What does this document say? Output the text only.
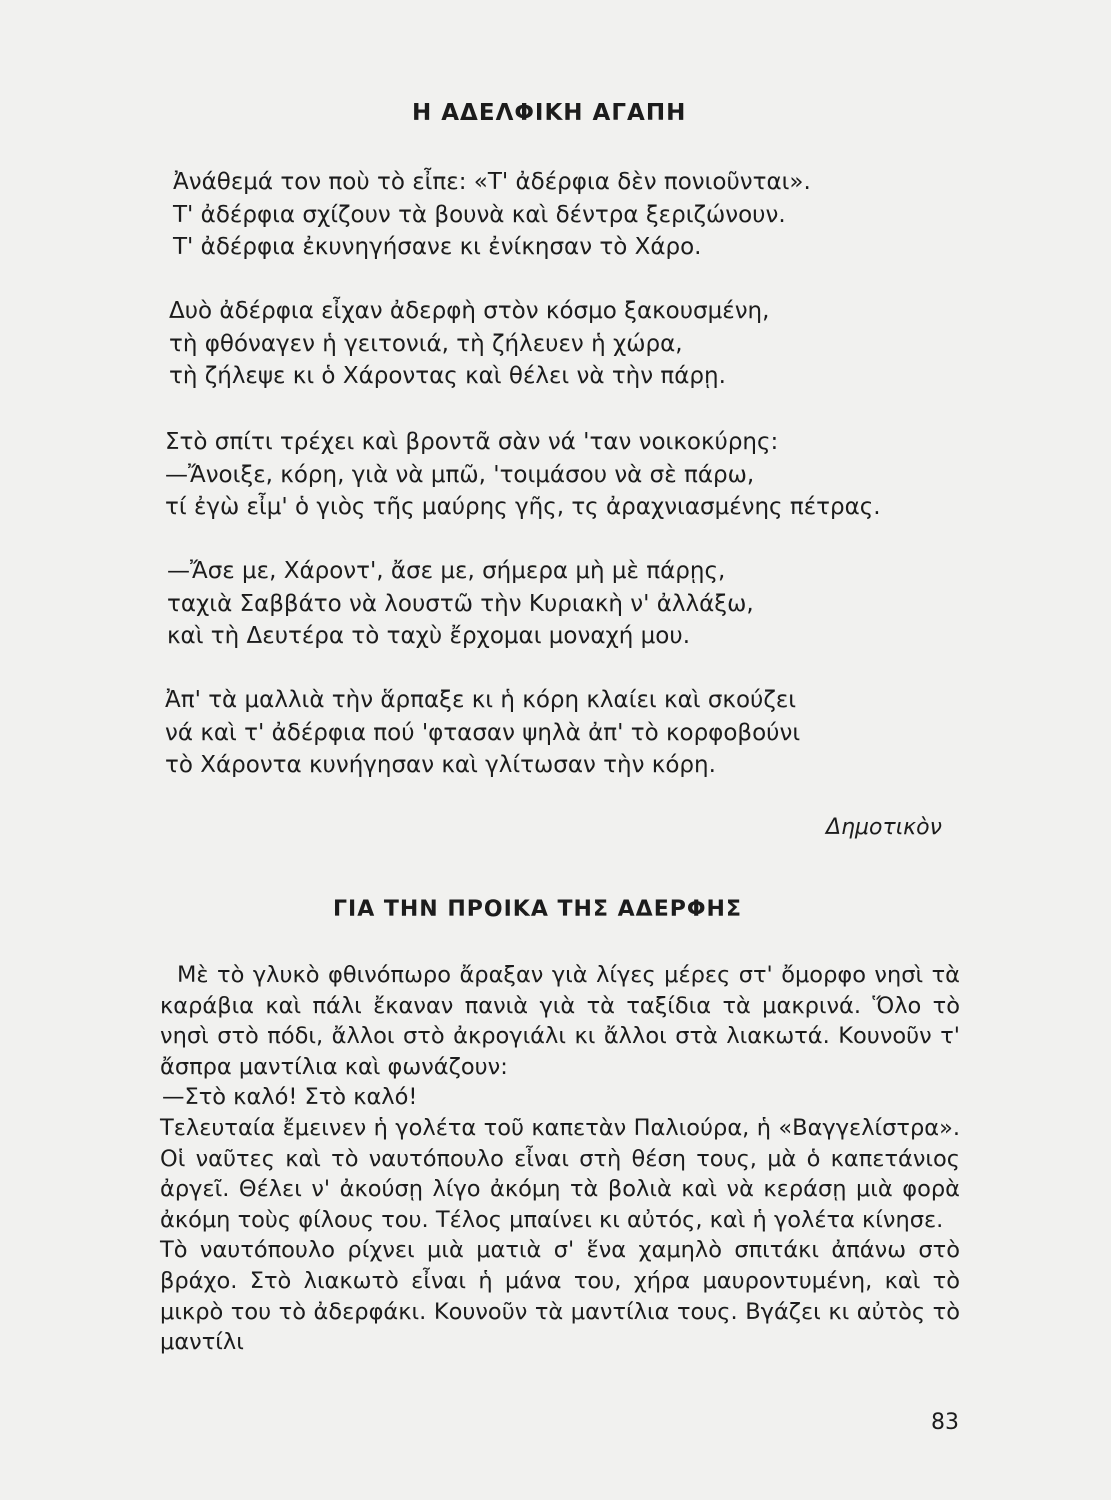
Η ΑΔΕΛΦΙΚΗ ΑΓΑΠΗ
Ἀνάθεμά τον ποὺ τὸ εἶπε: «Τ' ἀδέρφια δὲν πονιοῦνται».
Τ' ἀδέρφια σχίζουν τὰ βουνὰ καὶ δέντρα ξεριζώνουν.
Τ' ἀδέρφια ἐκυνηγήσανε κι ἐνίκησαν τὸ Χάρο.
Δυὸ ἀδέρφια εἶχαν ἀδερφὴ στὸν κόσμο ξακουσμένη,
τὴ φθόναγεν ἡ γειτονιά, τὴ ζήλευεν ἡ χώρα,
τὴ ζήλεψε κι ὁ Χάροντας καὶ θέλει νὰ τὴν πάρῃ.
Στὸ σπίτι τρέχει καὶ βροντᾶ σὰν νά 'ταν νοικοκύρης:
—Ἄνοιξε, κόρη, γιὰ νὰ μπῶ, 'τοιμάσου νὰ σὲ πάρω,
τί ἐγὼ εἶμ' ὁ γιὸς τῆς μαύρης γῆς, τς ἀραχνιασμένης πέτρας.
—Ἄσε με, Χάροντ', ἄσε με, σήμερα μὴ μὲ πάρῃς,
ταχιὰ Σαββάτο νὰ λουστῶ τὴν Κυριακὴ ν' ἀλλάξω,
καὶ τὴ Δευτέρα τὸ ταχὺ ἔρχομαι μοναχή μου.
Ἀπ' τὰ μαλλιὰ τὴν ἅρπαξε κι ἡ κόρη κλαίει καὶ σκούζει
νά καὶ τ' ἀδέρφια πού 'φτασαν ψηλὰ ἀπ' τὸ κορφοβούνι
τὸ Χάροντα κυνήγησαν καὶ γλίτωσαν τὴν κόρη.
Δημοτικὸν
ΓΙΑ ΤΗΝ ΠΡΟΙΚΑ ΤΗΣ ΑΔΕΡΦΗΣ

Μὲ τὸ γλυκὸ φθινόπωρο ἄραξαν γιὰ λίγες μέρες στ' ὄμορφο νησὶ τὰ καράβια καὶ πάλι ἔκαναν πανιὰ γιὰ τὰ ταξίδια τὰ μακρινά. Ὅλο τὸ νησὶ στὸ πόδι, ἄλλοι στὸ ἀκρογιάλι κι ἄλλοι στὰ λιακωτά. Κουνοῦν τ' ἄσπρα μαντίλια καὶ φωνάζουν:

—Στὸ καλό! Στὸ καλό!

Τελευταία ἔμεινεν ἡ γολέτα τοῦ καπετὰν Παλιούρα, ἡ «Βαγγελίστρα». Οἱ ναῦτες καὶ τὸ ναυτόπουλο εἶναι στὴ θέση τους, μὰ ὁ καπετάνιος ἀργεῖ. Θέλει ν' ἀκούσῃ λίγο ἀκόμη τὰ βολιὰ καὶ νὰ κεράσῃ μιὰ φορὰ ἀκόμη τοὺς φίλους του. Τέλος μπαίνει κι αὐτός, καὶ ἡ γολέτα κίνησε.

Τὸ ναυτόπουλο ρίχνει μιὰ ματιὰ σ' ἕνα χαμηλὸ σπιτάκι ἀπάνω στὸ βράχο. Στὸ λιακωτὸ εἶναι ἡ μάνα του, χήρα μαυροντυμένη, καὶ τὸ μικρὸ του τὸ ἀδερφάκι. Κουνοῦν τὰ μαντίλια τους. Βγάζει κι αὐτὸς τὸ μαντίλι

83
